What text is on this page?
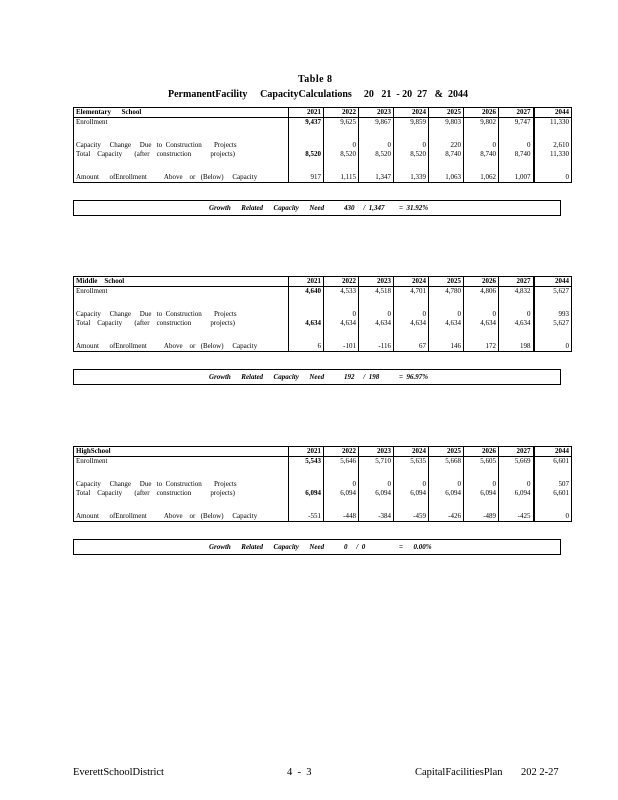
Table 8
PermanentFacility	CapacityCalculations	20   21  - 20  27   &  2044
Elementary      School	2021	2022	2023	2024	2025	2026	2027	2044
Enrollment	9,437	9,625	9,867	9,859	9,803	9,802	9,747	11,330

Capacity     Change     Due   to  Construction       Projects		0	0	0	220	0	0	2,610
Total    Capacity       (after    construction           projects)	8,520	8,520	8,520	8,520	8,740	8,740	8,740	11,330

Amount      ofEnrollment          Above    or   (Below)     Capacity	917	1,115	1,347	1,339	1,063	1,062	1,007	0
Growth      Related      Capacity      Need	430     /  1,347 =  31.92%
Middle    School	2021	2022	2023	2024	2025	2026	2027	2044
Enrollment	4,640	4,533	4,518	4,701	4,780	4,806	4,832	5,627

Capacity     Change     Due   to  Construction       Projects		0	0	0	0	0	0	993
Total    Capacity       (after    construction           projects)	4,634	4,634	4,634	4,634	4,634	4,634	4,634	5,627

Amount      ofEnrollment          Above    or   (Below)     Capacity	6	-101	-116	67	146	172	198	0
Growth      Related      Capacity      Need	192     /  198	=  96.97%
HighSchool	2021	2022	2023	2024	2025	2026	2027	2044
Enrollment	5,543	5,646	5,710	5,635	5,668	5,605	5,669	6,601

Capacity     Change     Due   to  Construction       Projects		0	0	0	0	0	0	507
Total    Capacity       (after    construction           projects)	6,094	6,094	6,094	6,094	6,094	6,094	6,094	6,601

Amount      ofEnrollment          Above    or   (Below)     Capacity	-551	-448	-384	-459	-426	-489	-425	0
Growth      Related      Capacity      Need	0     /  0	=      0.00%
EverettSchoolDistrict	4  -  3	CapitalFacilitiesPlan 202 2-27
